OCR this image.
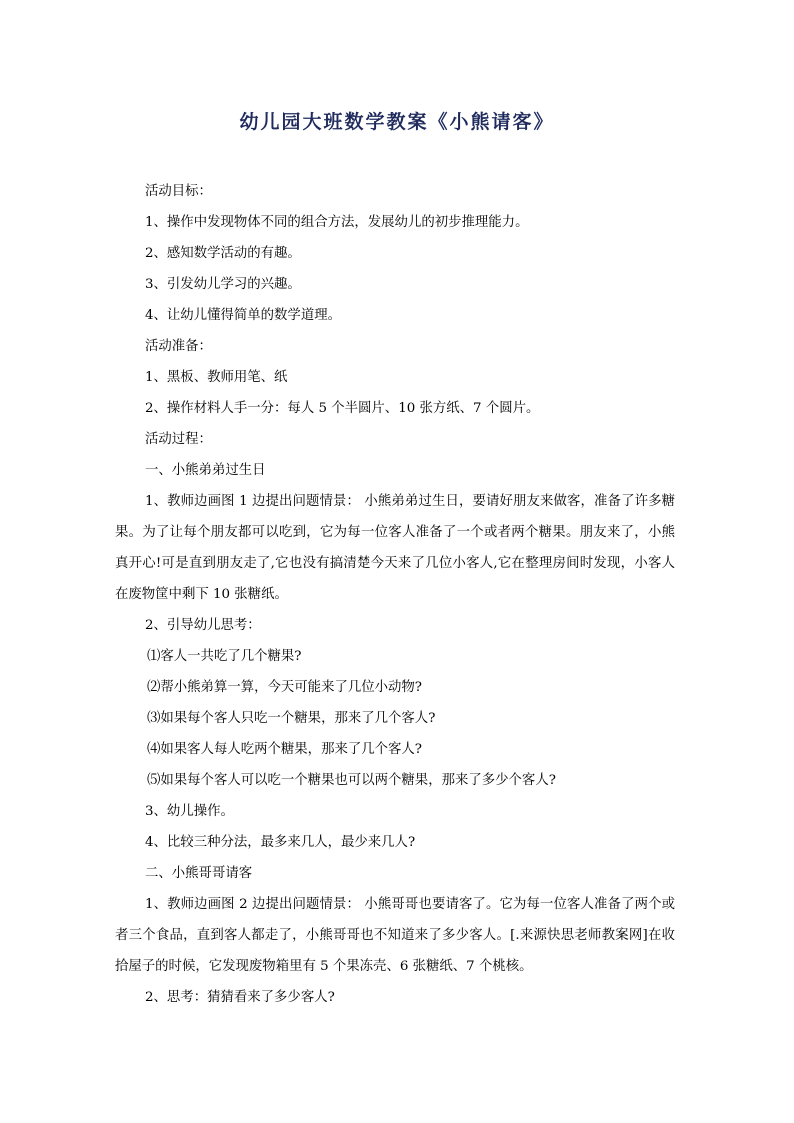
幼儿园大班数学教案《小熊请客》

活动目标：

1、操作中发现物体不同的组合方法，发展幼儿的初步推理能力。

2、感知数学活动的有趣。

3、引发幼儿学习的兴趣。

4、让幼儿懂得简单的数学道理。

活动准备：

1、黑板、教师用笔、纸

2、操作材料人手一分：每人 5 个半圆片、10 张方纸、7 个圆片。

活动过程：

一、小熊弟弟过生日

1、教师边画图 1 边提出问题情景： 小熊弟弟过生日，要请好朋友来做客，准备了许多糖果。为了让每个朋友都可以吃到，它为每一位客人准备了一个或者两个糖果。朋友来了，小熊真开心!可是直到朋友走了,它也没有搞清楚今天来了几位小客人,它在整理房间时发现，小客人在废物筐中剩下 10 张糖纸。

2、引导幼儿思考：

⑴客人一共吃了几个糖果?

⑵帮小熊弟算一算，今天可能来了几位小动物?

⑶如果每个客人只吃一个糖果，那来了几个客人?

⑷如果客人每人吃两个糖果，那来了几个客人?

⑸如果每个客人可以吃一个糖果也可以两个糖果，那来了多少个客人?

3、幼儿操作。

4、比较三种分法，最多来几人，最少来几人?

二、小熊哥哥请客

1、教师边画图 2 边提出问题情景： 小熊哥哥也要请客了。它为每一位客人准备了两个或者三个食品，直到客人都走了，小熊哥哥也不知道来了多少客人。[.来源快思老师教案网]在收拾屋子的时候，它发现废物箱里有 5 个果冻壳、6 张糖纸、7 个桃核。

2、思考：猜猜看来了多少客人?
